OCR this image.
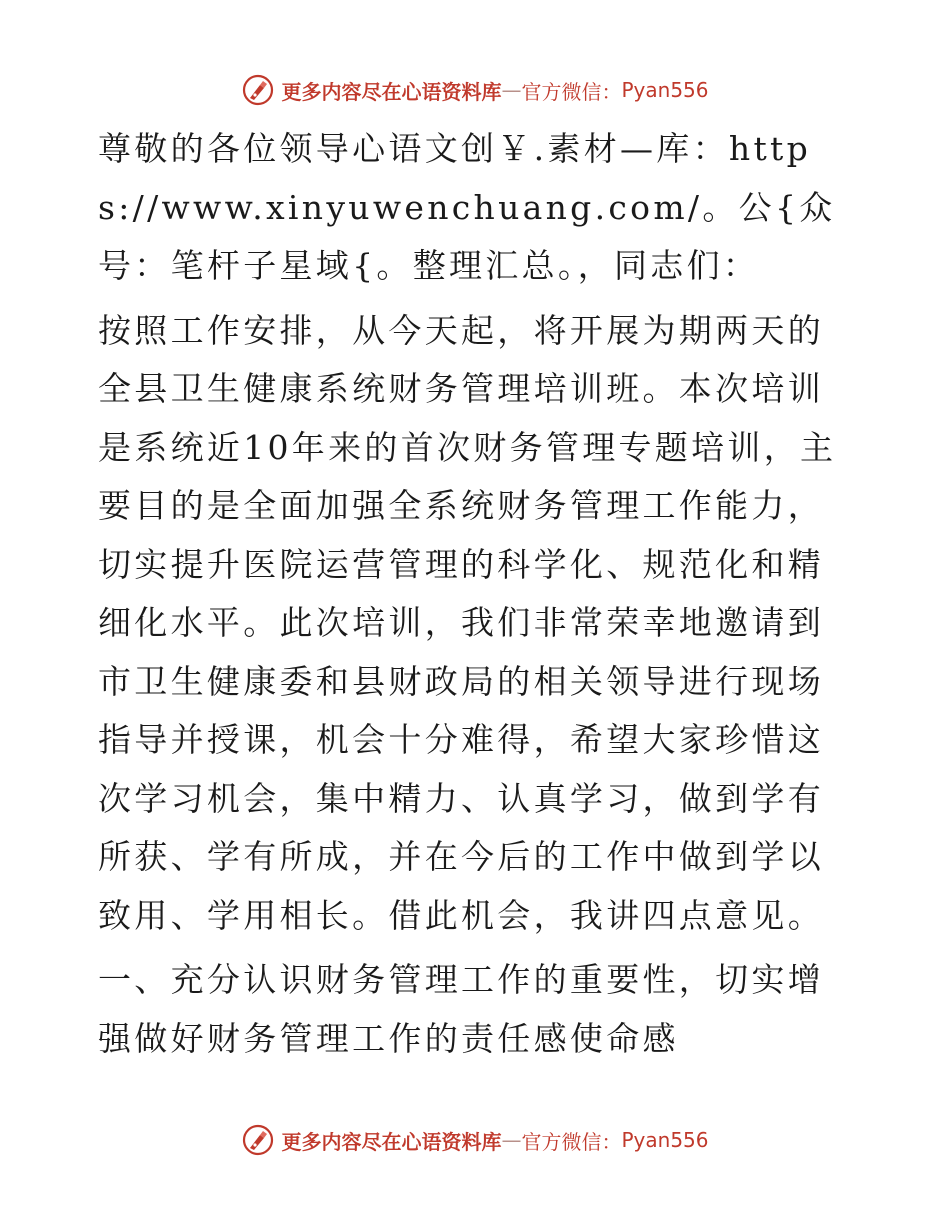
更多内容尽在心语资料库 — 官方微信： Pyan556

尊敬的各位领导心语文创￥.素材—库：https://www.xinyuwenchuang.com/。公{众号：笔杆子星域{。整理汇总。，同志们：

按照工作安排，从今天起，将开展为期两天的全县卫生健康系统财务管理培训班。本次培训是系统近10年来的首次财务管理专题培训，主要目的是全面加强全系统财务管理工作能力，切实提升医院运营管理的科学化、规范化和精细化水平。此次培训，我们非常荣幸地邀请到市卫生健康委和县财政局的相关领导进行现场指导并授课，机会十分难得，希望大家珍惜这次学习机会，集中精力、认真学习，做到学有所获、学有所成，并在今后的工作中做到学以致用、学用相长。借此机会，我讲四点意见。

一、充分认识财务管理工作的重要性，切实增强做好财务管理工作的责任感使命感

更多内容尽在心语资料库 — 官方微信： Pyan556
